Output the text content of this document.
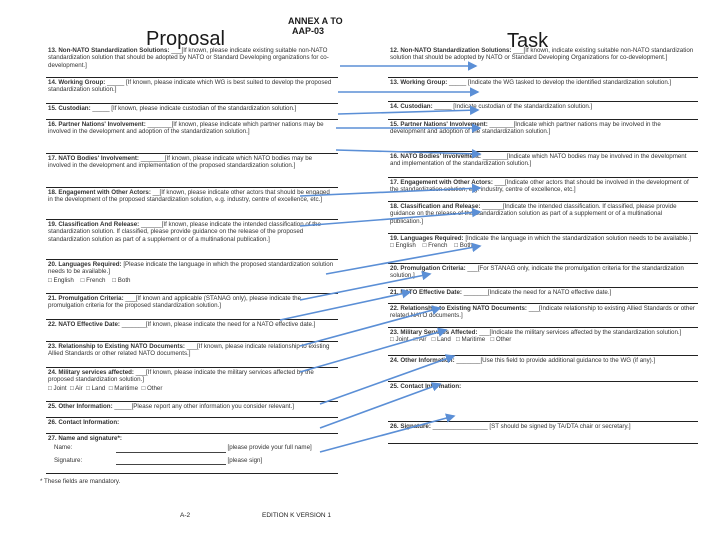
Proposal	Task
ANNEX A TO
AAP-03
13. Non-NATO Standardization Solutions: ___[If known, please indicate existing suitable non-NATO standardization solution that should be adopted by NATO or Standard Developing organizations for co-development.]
14. Working Group: _____ [If known, please indicate which WG is best suited to develop the proposed standardization solution.]
15. Custodian: _____ [If known, please indicate custodian of the standardization solution.]
16. Partner Nations' Involvement: _______[If known, please indicate which partner nations may be involved in the development and adoption of the standardization solution.]
17. NATO Bodies' Involvement: _______[If known, please indicate which NATO bodies may be involved in the development and implementation of the proposed standardization solution.]
18. Engagement with Other Actors: __[If known, please indicate other actors that should be engaged in the development of the proposed standardization solution, e.g. industry, centre of excellence, etc.]
19. Classification And Release: ______[If known, please indicate the intended classification of the standardization solution. If classified, please provide guidance on the release of the proposed standardization solution as part of a supplement or of a multinational publication.]
20. Languages Required: [Please indicate the language in which the proposed standardization solution needs to be available.]
□ English □ French □ Both
21. Promulgation Criteria: ___[If known and applicable (STANAG only), please indicate the promulgation criteria for the proposed standardization solution.]
22. NATO Effective Date: _______[If known, please indicate the need for a NATO effective date.]
23. Relationship to Existing NATO Documents: ___[If known, please indicate relationship to existing Allied Standards or other related NATO documents.]
24. Military services affected: ___[If known, please indicate the military services affected by the proposed standardization solution.]
□ Joint □ Air □ Land □ Maritime □ Other
25. Other Information: _____[Please report any other information you consider relevant.]
26. Contact Information:
27. Name and signature*:
Name:	[please provide your full name]
Signature:	[please sign]
* These fields are mandatory.
12. Non-NATO Standardization Solutions: ___[If known, indicate existing suitable non-NATO standardization solution that should be adopted by NATO or Standard Developing Organizations for co-development.]
13. Working Group: _____ [Indicate the WG tasked to develop the identified standardization solution.]
14. Custodian: _____ [Indicate custodian of the standardization solution.]
15. Partner Nations' Involvement: _______[Indicate which partner nations may be involved in the development and adoption of the standardization solution.]
16. NATO Bodies' Involvement: _______[Indicate which NATO bodies may be involved in the development and implementation of the standardization solution.]
17. Engagement with Other Actors: ___[Indicate other actors that should be involved in the development of the standardization solution, e.g. industry, centre of excellence, etc.]
18. Classification and Release: ______[Indicate the intended classification. If classified, please provide guidance on the release of the standardization solution as part of a supplement or of a multinational publication.]
19. Languages Required: [Indicate the language in which the standardization solution needs to be available.]
□ English □ French □ Both
20. Promulgation Criteria: ___[For STANAG only, indicate the promulgation criteria for the standardization solution.]
21. NATO Effective Date: _______[Indicate the need for a NATO effective date.]
22. Relationship to Existing NATO Documents: ___[Indicate relationship to existing Allied Standards or other related NATO documents.]
23. Military Services Affected: ___[Indicate the military services affected by the standardization solution.]
□ Joint □ Air □ Land □ Maritime □ Other
24. Other Information: _______[Use this field to provide additional guidance to the WG (if any).]
25. Contact Information:
26. Signature: ________________ [ST should be signed by TA/DTA chair or secretary.]
A-2	EDITION K VERSION 1
